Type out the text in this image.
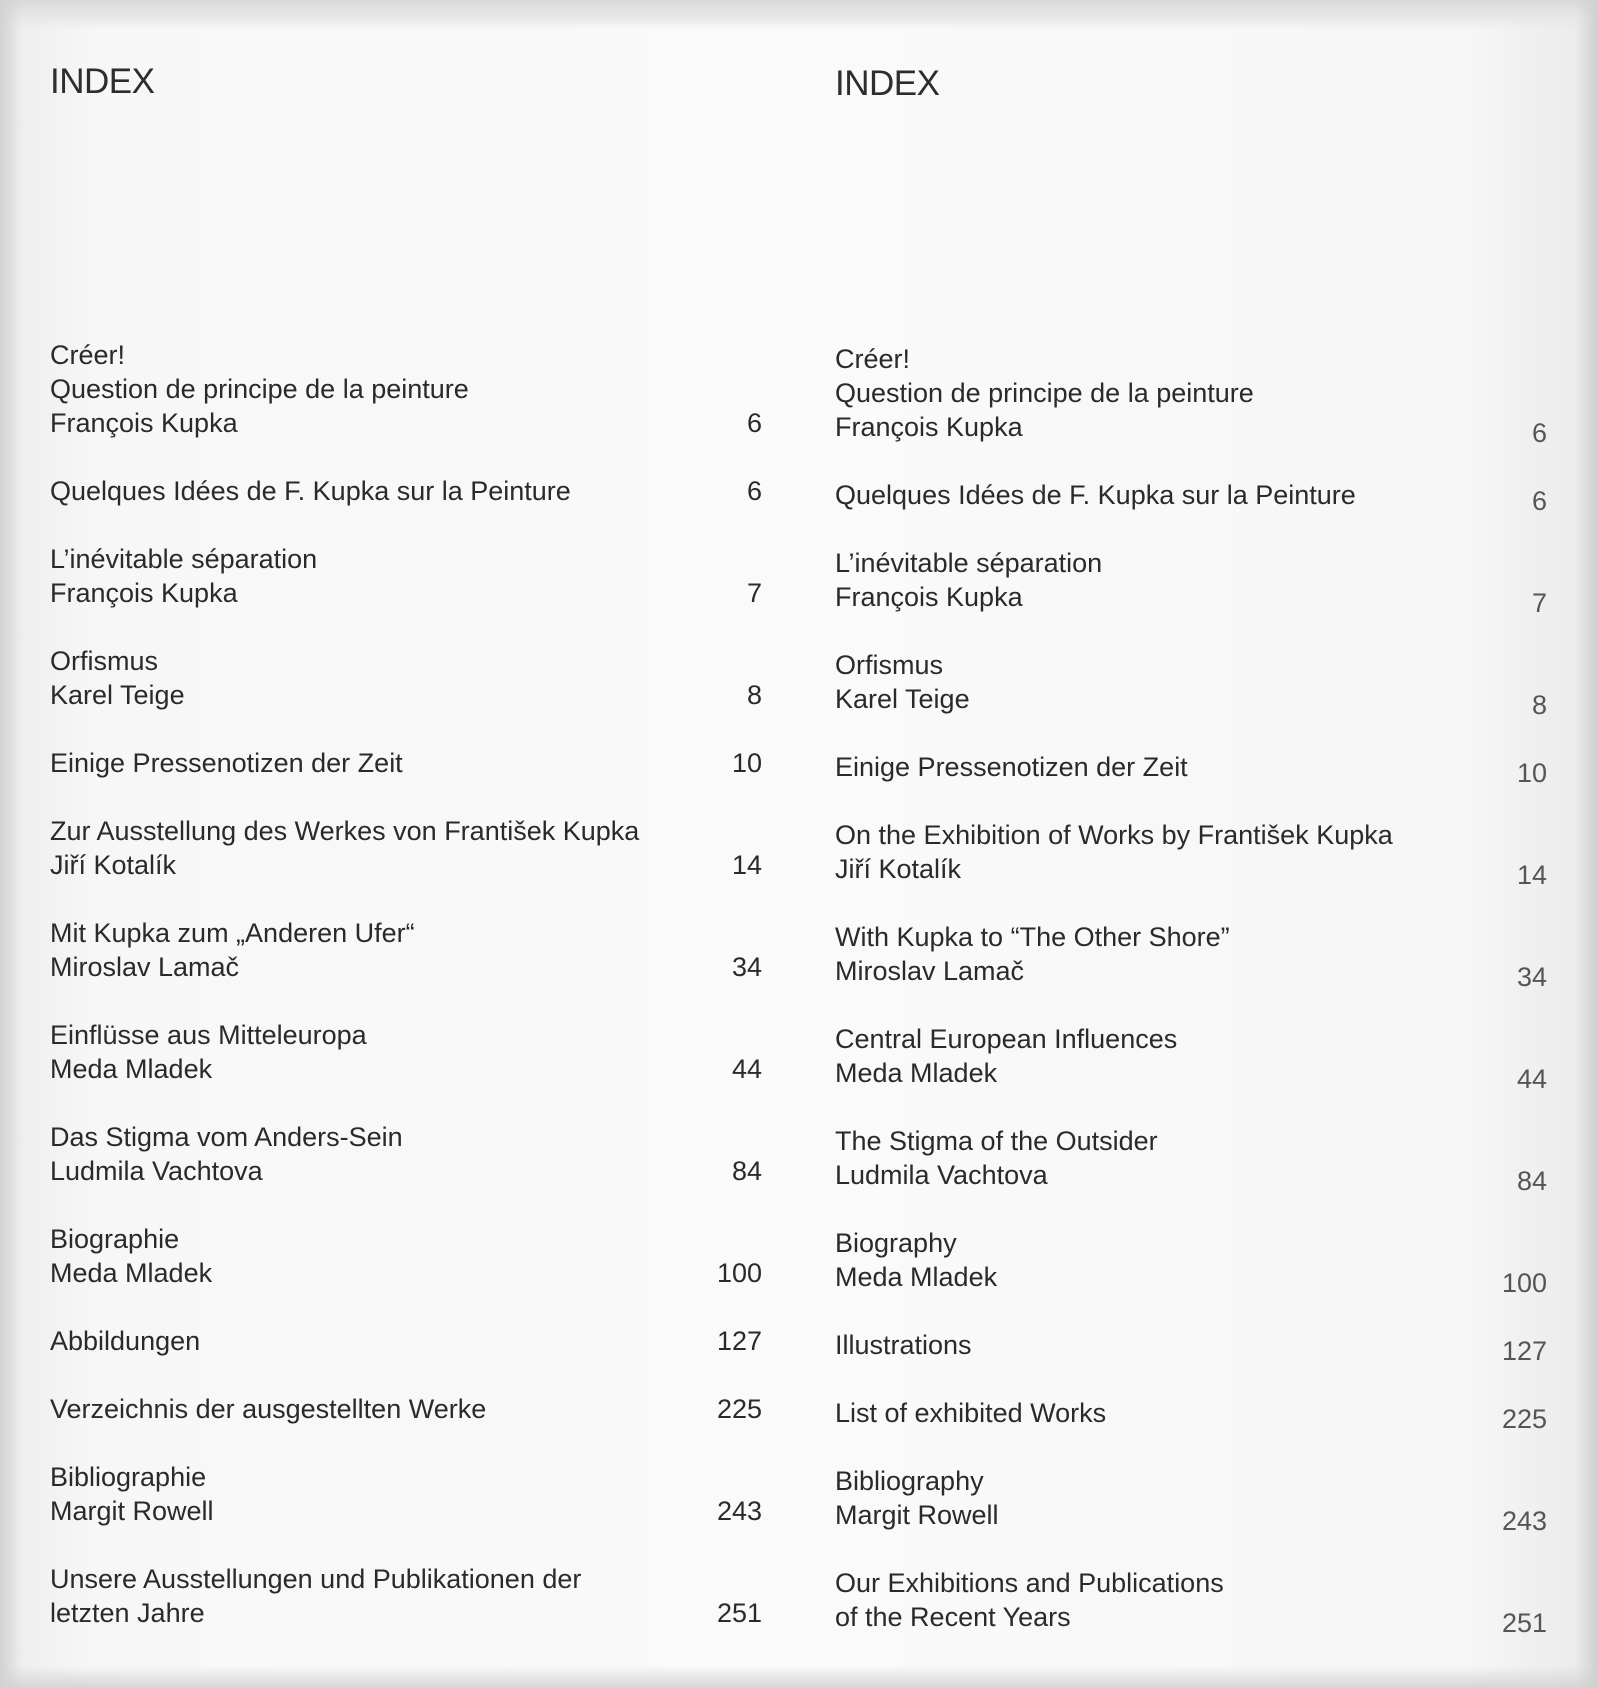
INDEX	INDEX
Créer!
Question de principe de la peinture
François Kupka	6
Quelques Idées de F. Kupka sur la Peinture	6
L’inévitable séparation
François Kupka	7
Orfismus
Karel Teige	8
Einige Pressenotizen der Zeit	10
Zur Ausstellung des Werkes von František Kupka
Jiří Kotalík	14
Mit Kupka zum „Anderen Ufer“
Miroslav Lamač	34
Einflüsse aus Mitteleuropa
Meda Mladek	44
Das Stigma vom Anders-Sein
Ludmila Vachtova	84
Biographie
Meda Mladek	100
Abbildungen	127
Verzeichnis der ausgestellten Werke	225
Bibliographie
Margit Rowell	243
Unsere Ausstellungen und Publikationen der
letzten Jahre	251
Créer!
Question de principe de la peinture
François Kupka	6
Quelques Idées de F. Kupka sur la Peinture	6
L’inévitable séparation
François Kupka	7
Orfismus
Karel Teige	8
Einige Pressenotizen der Zeit	10
On the Exhibition of Works by František Kupka
Jiří Kotalík	14
With Kupka to “The Other Shore”
Miroslav Lamač	34
Central European Influences
Meda Mladek	44
The Stigma of the Outsider
Ludmila Vachtova	84
Biography
Meda Mladek	100
Illustrations	127
List of exhibited Works	225
Bibliography
Margit Rowell	243
Our Exhibitions and Publications
of the Recent Years	251
